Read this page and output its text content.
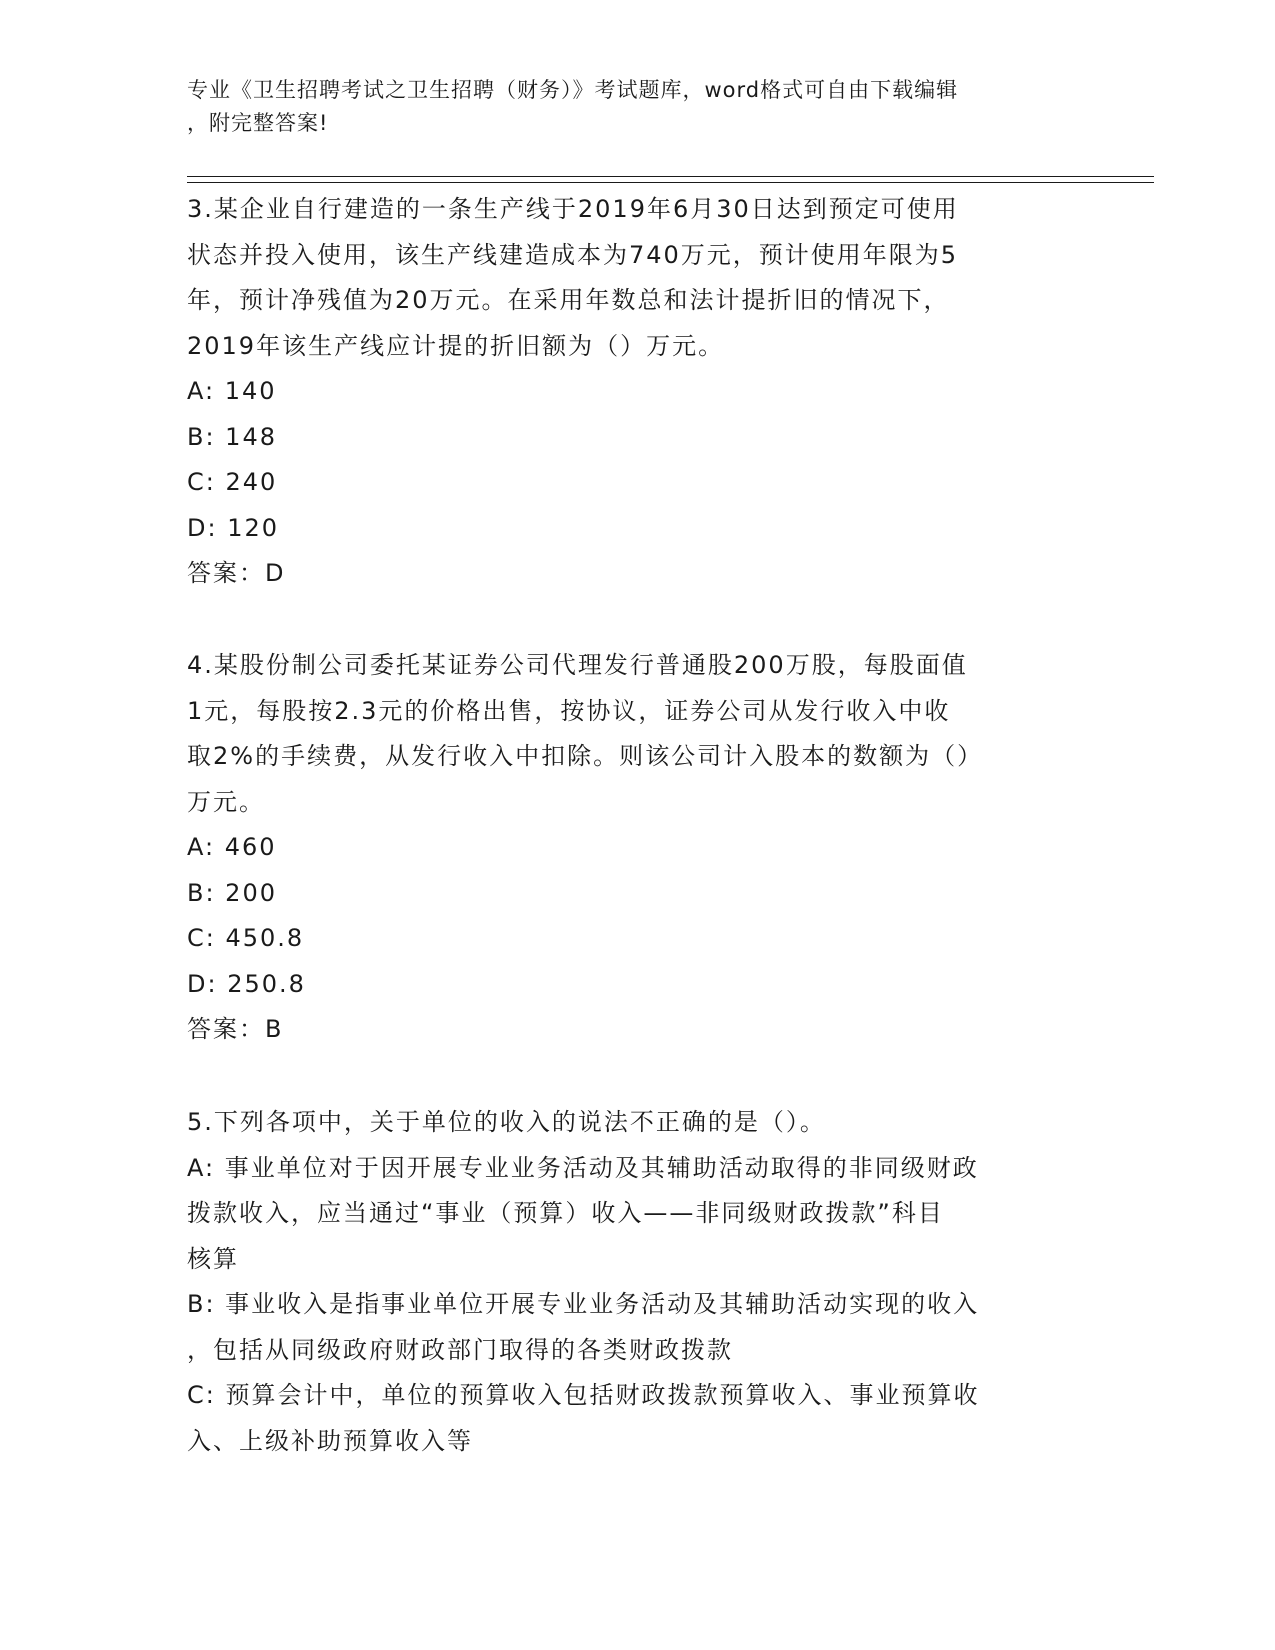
专业《卫生招聘考试之卫生招聘（财务）》考试题库，word格式可自由下载编辑
，附完整答案!
3.某企业自行建造的一条生产线于2019年6月30日达到预定可使用
状态并投入使用，该生产线建造成本为740万元，预计使用年限为5
年，预计净残值为20万元。在采用年数总和法计提折旧的情况下，
2019年该生产线应计提的折旧额为（）万元。
A: 140
B: 148
C: 240
D: 120
答案：D
4.某股份制公司委托某证券公司代理发行普通股200万股，每股面值
1元，每股按2.3元的价格出售，按协议，证券公司从发行收入中收
取2%的手续费，从发行收入中扣除。则该公司计入股本的数额为（）
万元。
A: 460
B: 200
C: 450.8
D: 250.8
答案：B
5.下列各项中，关于单位的收入的说法不正确的是（）。
A: 事业单位对于因开展专业业务活动及其辅助活动取得的非同级财政
拨款收入，应当通过“事业（预算）收入——非同级财政拨款”科目
核算
B: 事业收入是指事业单位开展专业业务活动及其辅助活动实现的收入
，包括从同级政府财政部门取得的各类财政拨款
C: 预算会计中，单位的预算收入包括财政拨款预算收入、事业预算收
入、上级补助预算收入等
